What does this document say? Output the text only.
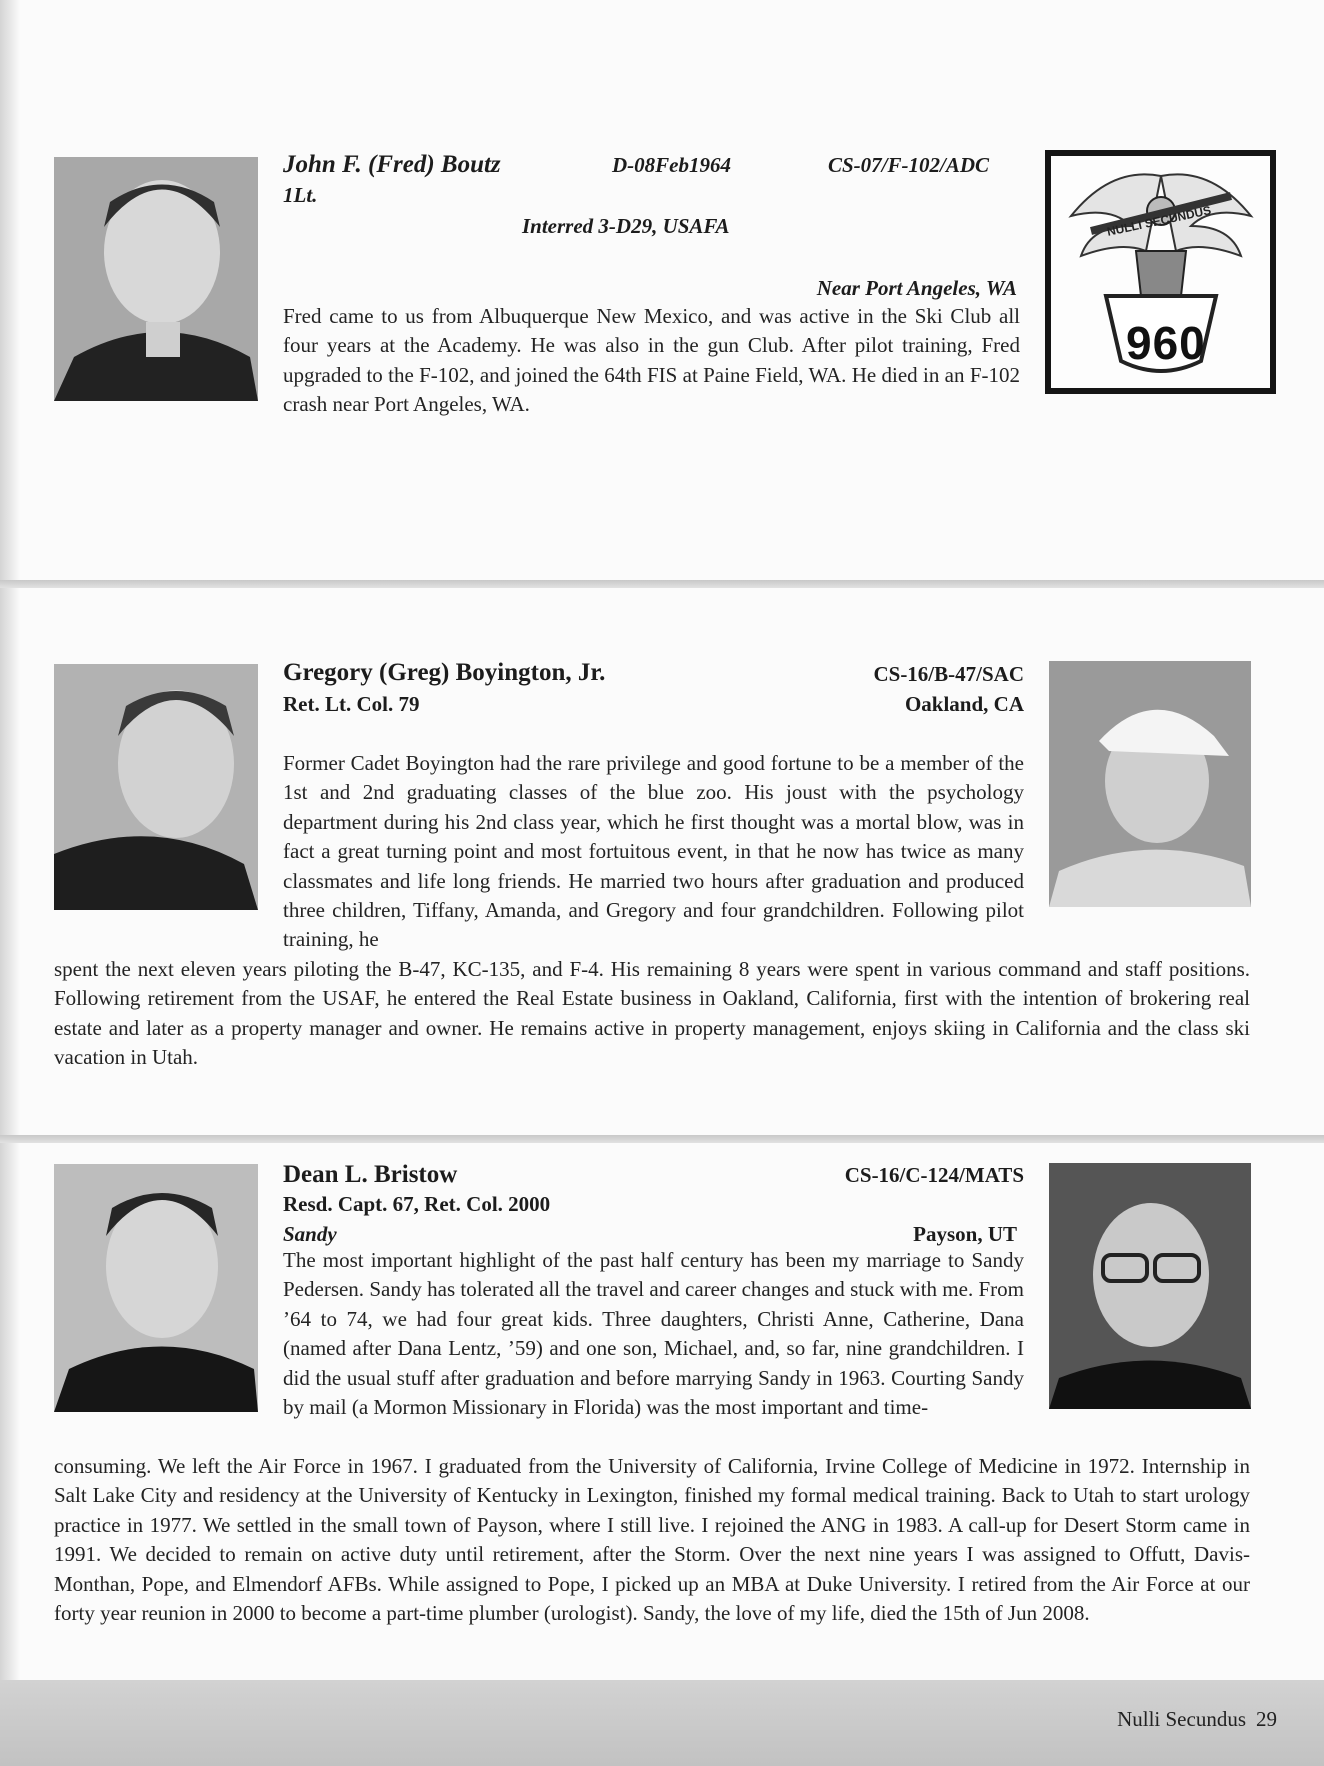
John F. (Fred) Boutz	D-08Feb1964	CS-07/F-102/ADC
1Lt.
Interred 3-D29, USAFA
Near Port Angeles, WA

Fred came to us from Albuquerque New Mexico, and was active in the Ski Club all four years at the Academy. He was also in the gun Club. After pilot training, Fred upgraded to the F-102, and joined the 64th FIS at Paine Field, WA. He died in an F-102 crash near Port Angeles, WA.

NULLI SECUNDUS
960
Gregory (Greg) Boyington, Jr.	CS-16/B-47/SAC
Ret. Lt. Col. 79	Oakland, CA

Former Cadet Boyington had the rare privilege and good fortune to be a member of the 1st and 2nd graduating classes of the blue zoo. His joust with the psychology department during his 2nd class year, which he first thought was a mortal blow, was in fact a great turning point and most fortuitous event, in that he now has twice as many classmates and life long friends. He married two hours after graduation and produced three children, Tiffany, Amanda, and Gregory and four grandchildren. Following pilot training, he

spent the next eleven years piloting the B-47, KC-135, and F-4. His remaining 8 years were spent in various command and staff positions. Following retirement from the USAF, he entered the Real Estate business in Oakland, California, first with the intention of brokering real estate and later as a property manager and owner. He remains active in property management, enjoys skiing in California and the class ski vacation in Utah.

Dean L. Bristow	CS-16/C-124/MATS
Resd. Capt. 67, Ret. Col. 2000
Sandy	Payson, UT

The most important highlight of the past half century has been my marriage to Sandy Pedersen. Sandy has tolerated all the travel and career changes and stuck with me. From ’64 to 74, we had four great kids. Three daughters, Christi Anne, Catherine, Dana (named after Dana Lentz, ’59) and one son, Michael, and, so far, nine grandchildren. I did the usual stuff after graduation and before marrying Sandy in 1963. Courting Sandy by mail (a Mormon Missionary in Florida) was the most important and time-

consuming. We left the Air Force in 1967. I graduated from the University of California, Irvine College of Medicine in 1972. Internship in Salt Lake City and residency at the University of Kentucky in Lexington, finished my formal medical training. Back to Utah to start urology practice in 1977. We settled in the small town of Payson, where I still live. I rejoined the ANG in 1983. A call-up for Desert Storm came in 1991. We decided to remain on active duty until retirement, after the Storm. Over the next nine years I was assigned to Offutt, Davis-Monthan, Pope, and Elmendorf AFBs. While assigned to Pope, I picked up an MBA at Duke University. I retired from the Air Force at our forty year reunion in 2000 to become a part-time plumber (urologist). Sandy, the love of my life, died the 15th of Jun 2008.

Nulli Secundus 29
